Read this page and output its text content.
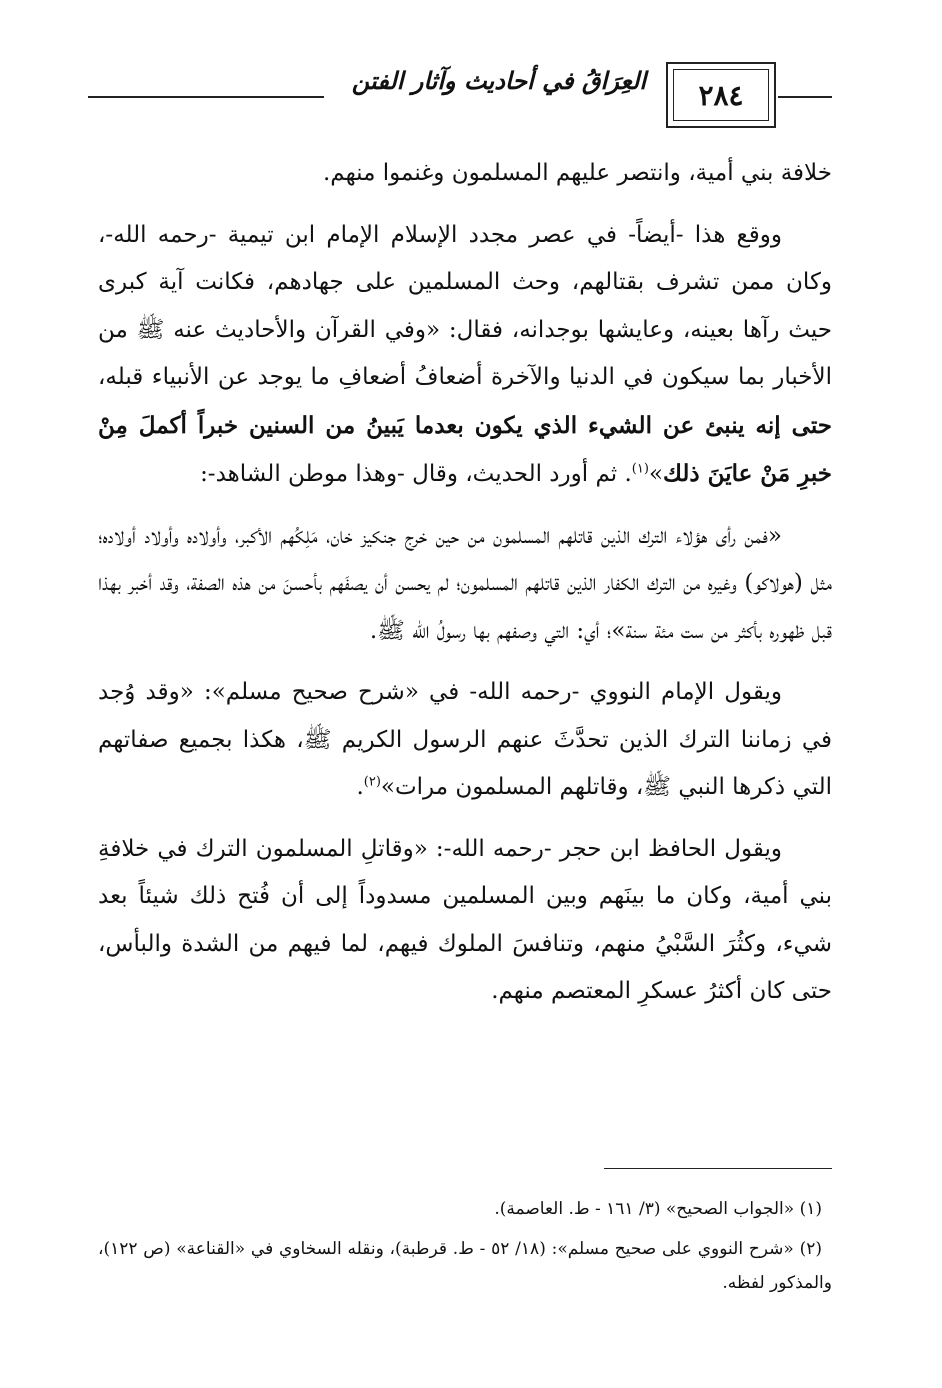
٢٨٤
العِرَاقُ في أحاديث وآثار الفتن

خلافة بني أمية، وانتصر عليهم المسلمون وغنموا منهم.

ووقع هذا -أيضاً- في عصر مجدد الإسلام الإمام ابن تيمية -رحمه الله-، وكان ممن تشرف بقتالهم، وحث المسلمين على جهادهم، فكانت آية كبرى حيث رآها بعينه، وعايشها بوجدانه، فقال: «وفي القرآن والأحاديث عنه ﷺ من الأخبار بما سيكون في الدنيا والآخرة أضعافُ أضعافِ ما يوجد عن الأنبياء قبله، حتى إنه ينبئ عن الشيء الذي يكون بعدما يَبينُ من السنين خبراً أكملَ مِنْ خبرِ مَنْ عايَنَ ذلك»$^{(١)}$. ثم أورد الحديث، وقال -وهذا موطن الشاهد-:

«فمن رأى هؤلاء الترك الذين قاتلهم المسلمون من حين خرج جنكيز خان، مَلِكُهم الأكبر، وأولاده وأولاد أولاده؛ مثل (هولاكو) وغيره من الترك الكفار الذين قاتلهم المسلمون؛ لم يحسن أن يصفَهم بأحسنَ من هذه الصفة، وقد أخبر بهذا قبل ظهوره بأكثر من ست مئة سنة»؛ أي: التي وصفهم بها رسولُ الله ﷺ.

ويقول الإمام النووي -رحمه الله- في «شرح صحيح مسلم»: «وقد وُجد في زماننا الترك الذين تحدَّثَ عنهم الرسول الكريم ﷺ، هكذا بجميع صفاتهم التي ذكرها النبي ﷺ، وقاتلهم المسلمون مرات»$^{(٢)}$.

ويقول الحافظ ابن حجر -رحمه الله-: «وقاتلِ المسلمون الترك في خلافةِ بني أمية، وكان ما بينَهم وبين المسلمين مسدوداً إلى أن فُتح ذلك شيئاً بعد شيء، وكثُرَ السَّبْيُ منهم، وتنافسَ الملوك فيهم، لما فيهم من الشدة والبأس، حتى كان أكثرُ عسكرِ المعتصم منهم.

(١) «الجواب الصحيح» (٣/ ١٦١ - ط. العاصمة).

(٢) «شرح النووي على صحيح مسلم»: (١٨/ ٥٢ - ط. قرطبة)، ونقله السخاوي في «القناعة» (ص ١٢٢)، والمذكور لفظه.
